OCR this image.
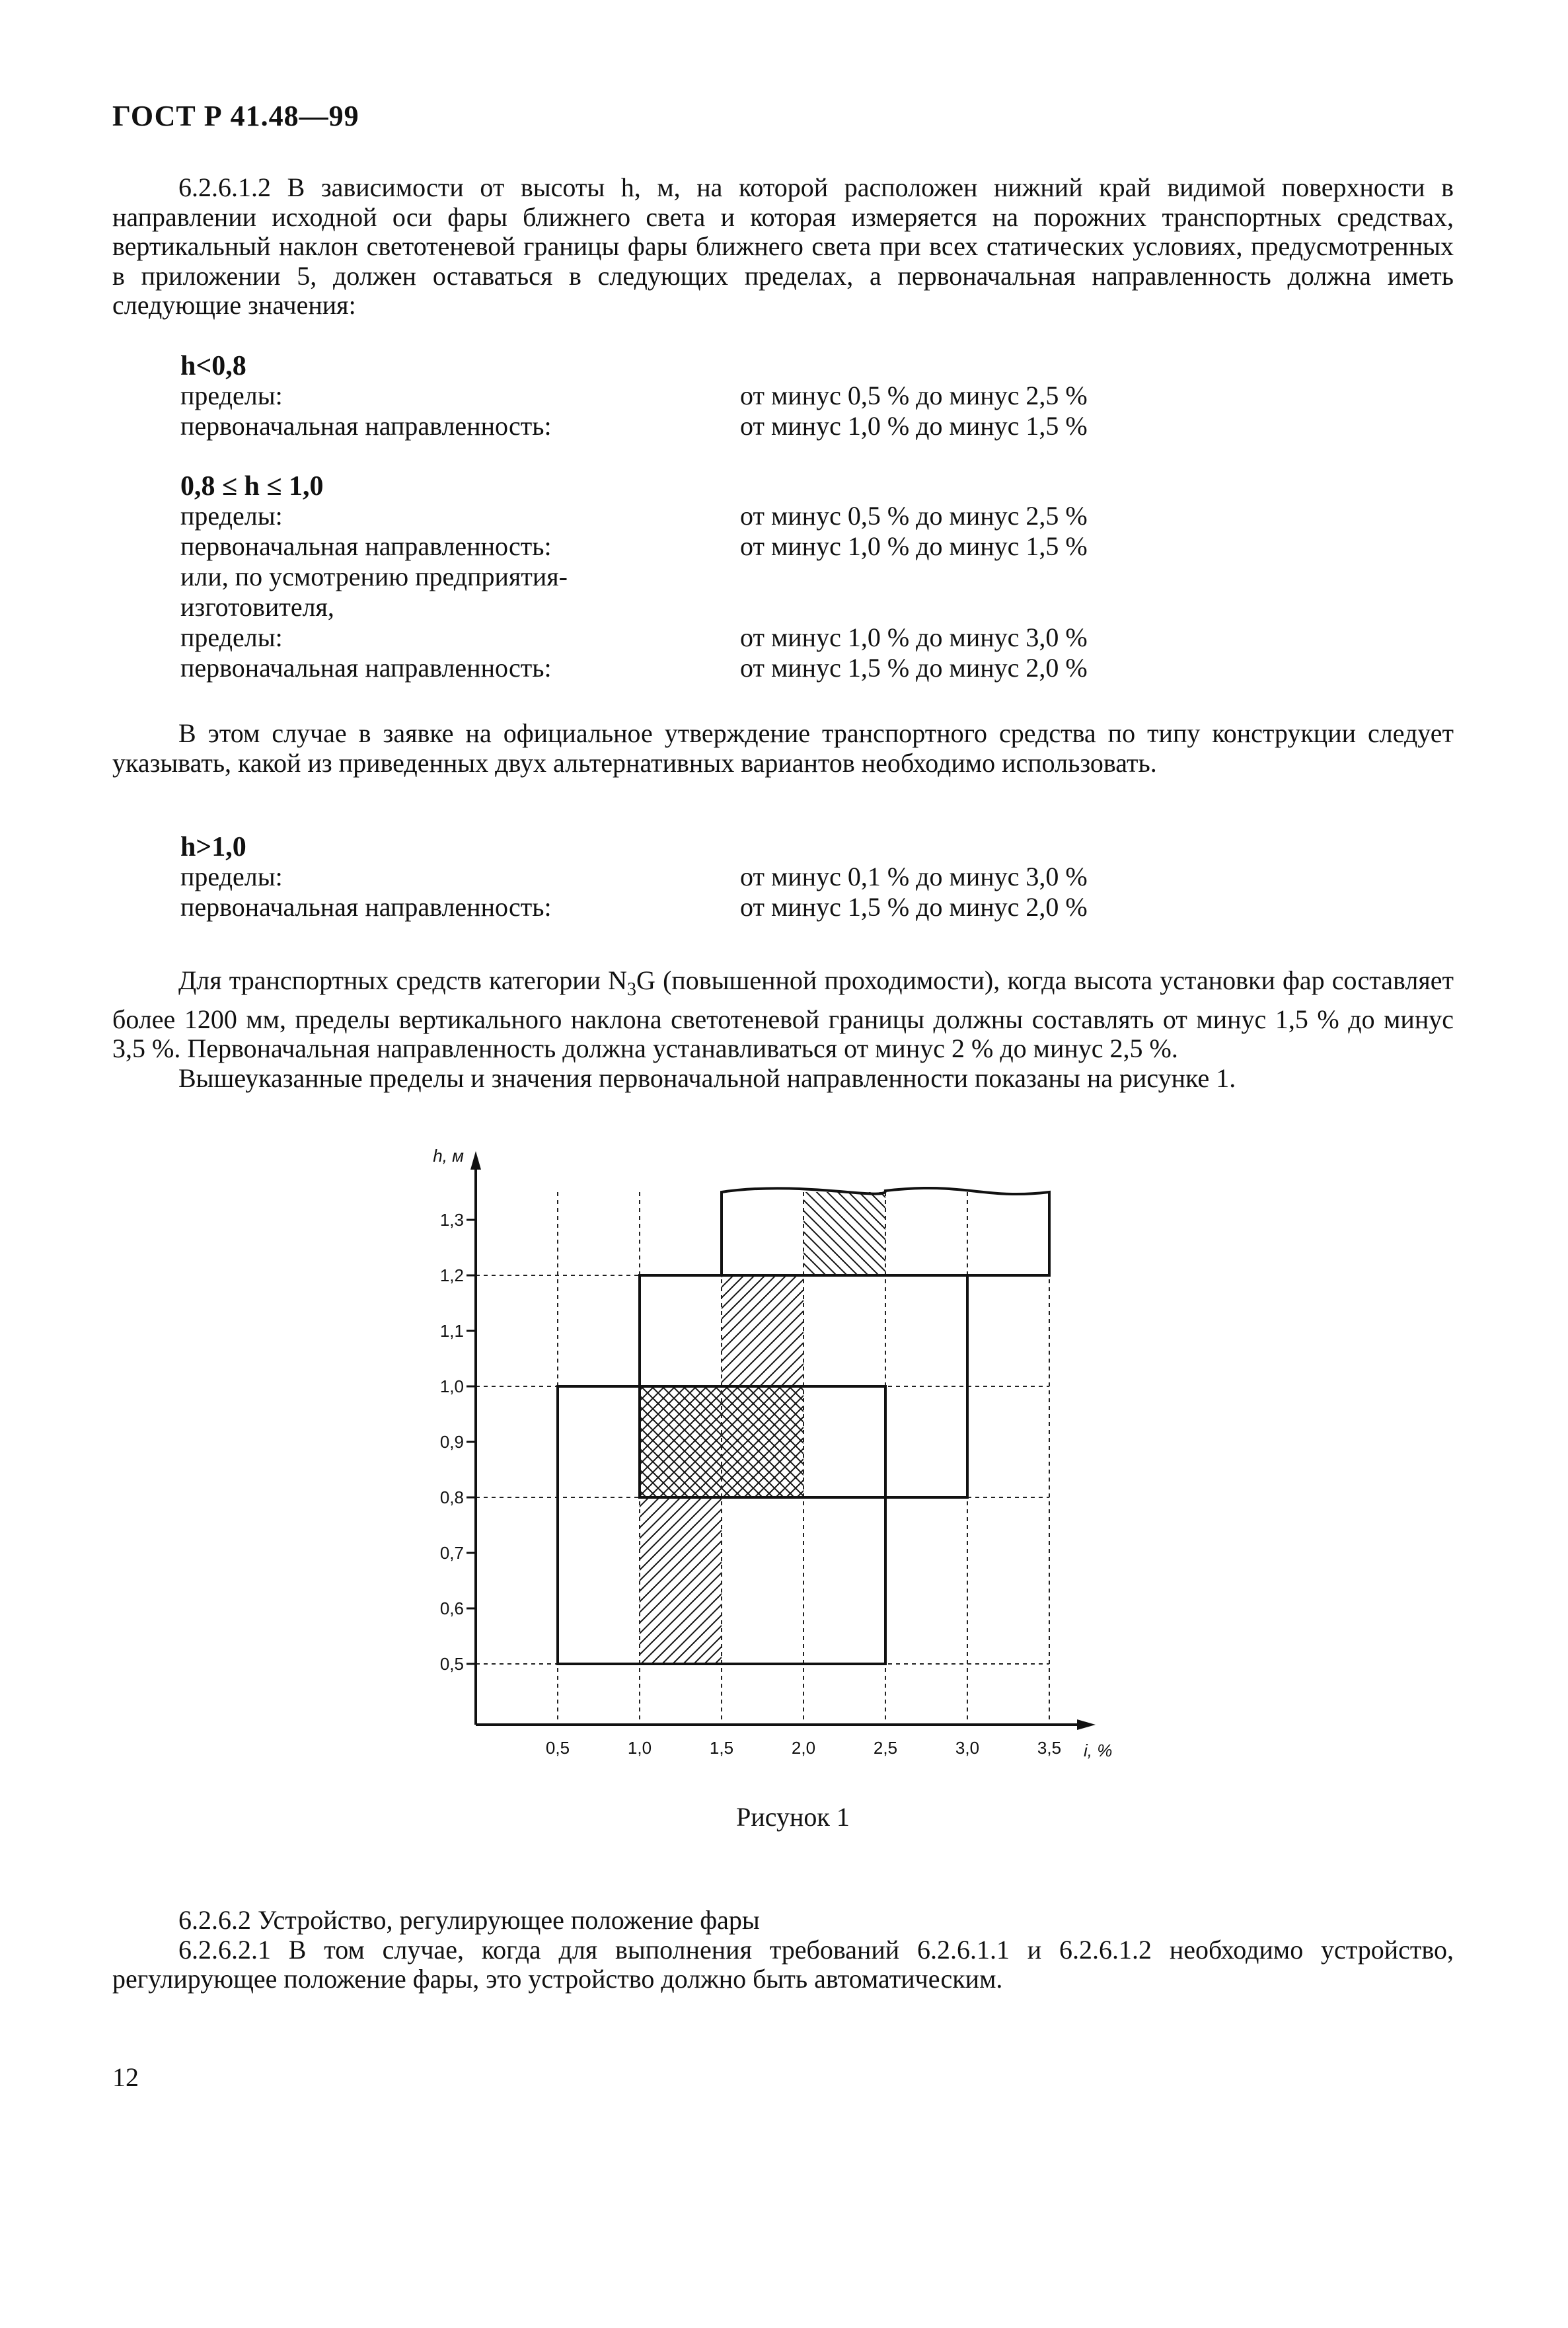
ГОСТ Р 41.48—99

6.2.6.1.2 В зависимости от высоты h, м, на которой расположен нижний край видимой поверхности в направлении исходной оси фары ближнего света и которая измеряется на порожних транспортных средствах, вертикальный наклон светотеневой границы фары ближнего света при всех статических условиях, предусмотренных в приложении 5, должен оставаться в следующих пределах, а первоначальная направленность должна иметь следующие значения:

h<0,8
пределы:	от минус 0,5 % до минус 2,5 %
первоначальная направленность:	от минус 1,0 % до минус 1,5 %
0,8 ≤ h ≤ 1,0
пределы:	от минус 0,5 % до минус 2,5 %
первоначальная направленность:	от минус 1,0 % до минус 1,5 %
или, по усмотрению предприятия-
изготовителя,
пределы:	от минус 1,0 % до минус 3,0 %
первоначальная направленность:	от минус 1,5 % до минус 2,0 %

В этом случае в заявке на официальное утверждение транспортного средства по типу конструкции следует указывать, какой из приведенных двух альтернативных вариантов необходимо использовать.

h>1,0
пределы:	от минус 0,1 % до минус 3,0 %
первоначальная направленность:	от минус 1,5 % до минус 2,0 %

Для транспортных средств категории $N_3G$ (повышенной проходимости), когда высота установки фар составляет более 1200 мм, пределы вертикального наклона светотеневой границы должны составлять от минус 1,5 % до минус 3,5 %. Первоначальная направленность должна устанавливаться от минус 2 % до минус 2,5 %.

Вышеуказанные пределы и значения первоначальной направленности показаны на рисунке 1.

0,5
0,6
0,7
0,8
0,9
1,0
1,1
1,2
1,3
0,5	1,0	1,5	2,0	2,5	3,0	3,5
h, м
i, %
Рисунок 1

6.2.6.2 Устройство, регулирующее положение фары

6.2.6.2.1 В том случае, когда для выполнения требований 6.2.6.1.1 и 6.2.6.1.2 необходимо устройство, регулирующее положение фары, это устройство должно быть автоматическим.

12
